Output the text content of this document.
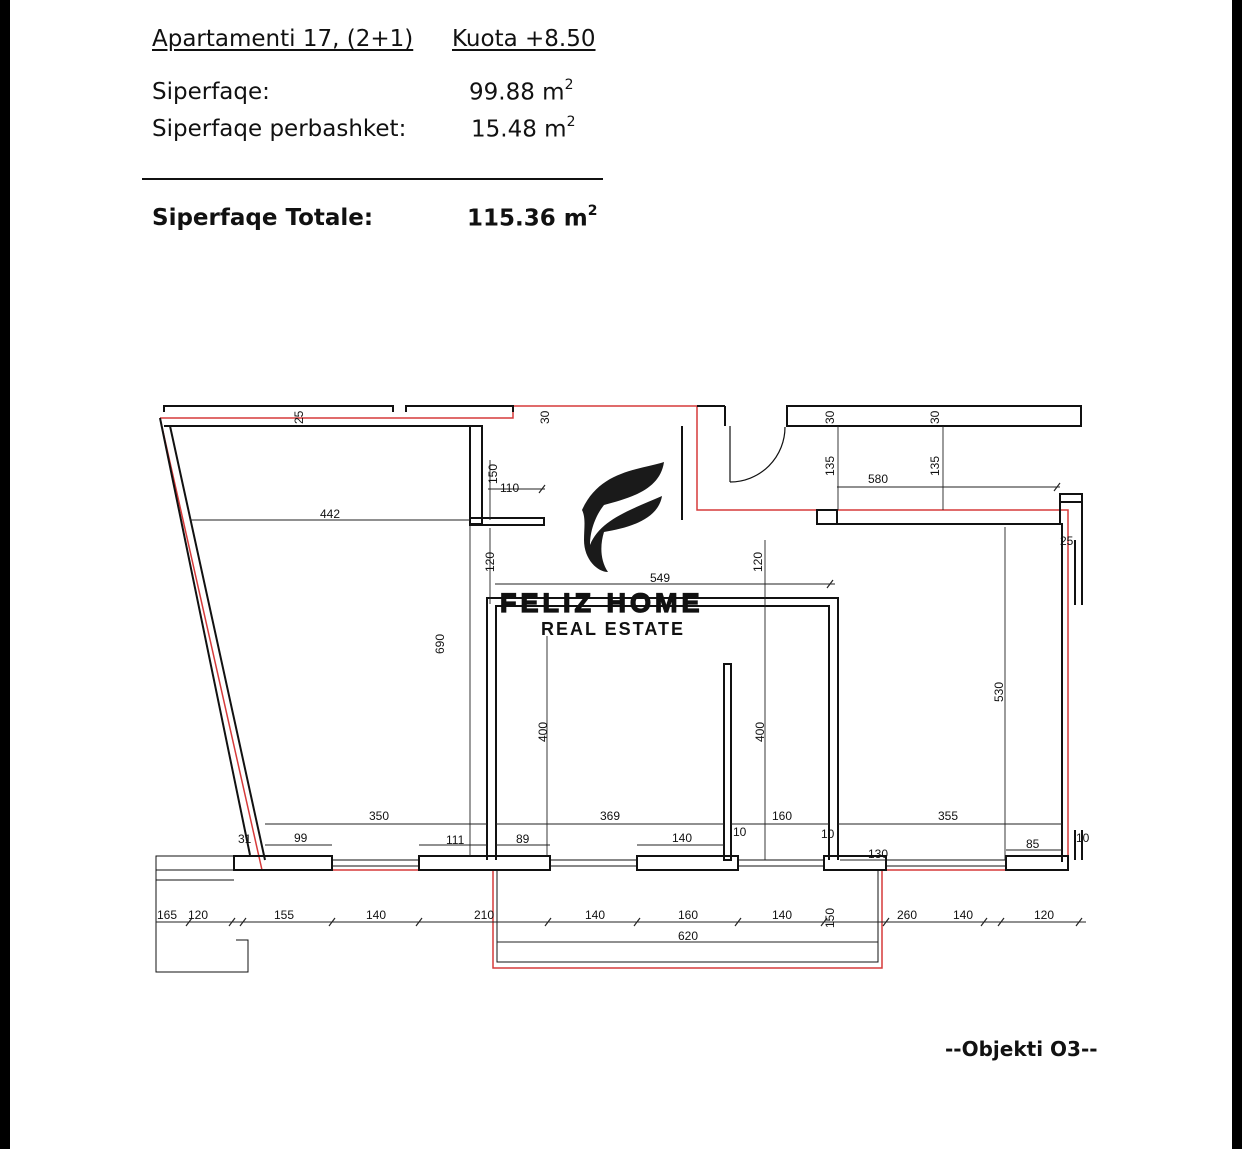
Apartamenti 17, (2+1) Kuota +8.50
Siperfaqe:	99.88 $m^2$
Siperfaqe perbashket:	15.48 $m^2$
Siperfaqe Totale:	115.36 $m^2$
25	30	30	30
150
110
442
135	135
580
25
120	120
549
690
400	400
530
350	369	160	355
31	99	111	89	140	10	10
130
85	10
165 120	155	140	210	140	160	140	150	260	140	120
620
FELIZ HOME
REAL ESTATE
--Objekti O3--
